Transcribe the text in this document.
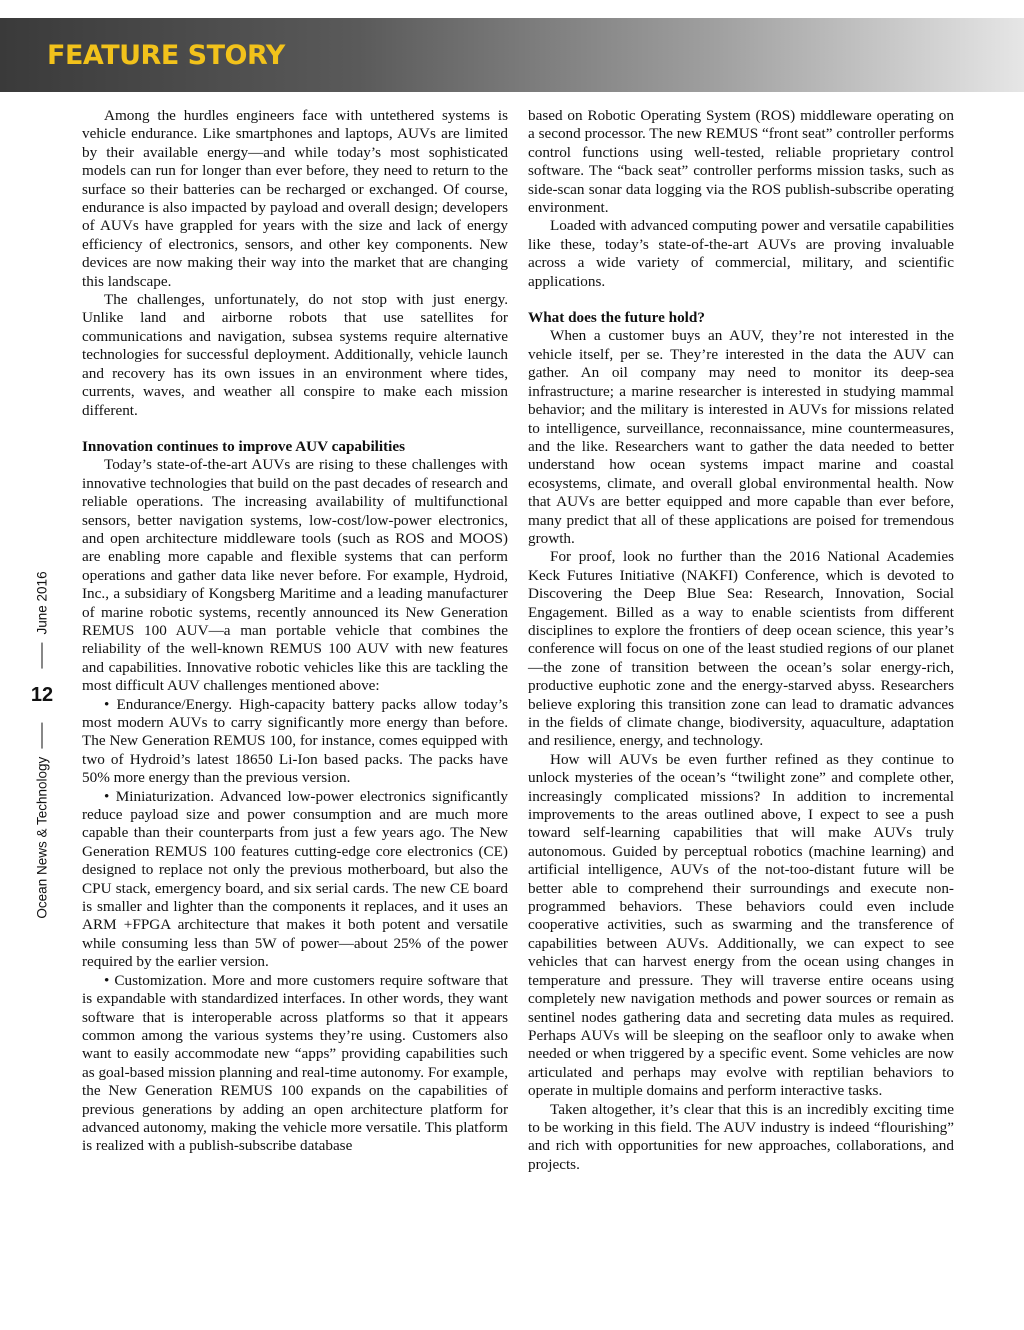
FEATURE STORY
Ocean News & Technology
12
June 2016

Among the hurdles engineers face with untethered systems is vehicle endurance. Like smartphones and laptops, AUVs are limited by their available energy—and while today’s most sophisticated models can run for longer than ever before, they need to return to the surface so their batteries can be recharged or exchanged. Of course, endurance is also impacted by payload and overall design; developers of AUVs have grappled for years with the size and lack of energy efficiency of electronics, sensors, and other key components. New devices are now making their way into the market that are changing this landscape.

The challenges, unfortunately, do not stop with just energy. Unlike land and airborne robots that use satellites for communications and navigation, subsea systems require alternative technologies for successful deployment. Additionally, vehicle launch and recovery has its own issues in an environment where tides, currents, waves, and weather all conspire to make each mission different.

Innovation continues to improve AUV capabilities

Today’s state-of-the-art AUVs are rising to these challenges with innovative technologies that build on the past decades of research and reliable operations. The increasing availability of multifunctional sensors, better navigation systems, low-cost/low-power electronics, and open architecture middleware tools (such as ROS and MOOS) are enabling more capable and flexible systems that can perform operations and gather data like never before. For example, Hydroid, Inc., a subsidiary of Kongsberg Maritime and a leading manufacturer of marine robotic systems, recently announced its New Generation REMUS 100 AUV—a man portable vehicle that combines the reliability of the well-known REMUS 100 AUV with new features and capabilities. Innovative robotic vehicles like this are tackling the most difficult AUV challenges mentioned above:

• Endurance/Energy. High-capacity battery packs allow today’s most modern AUVs to carry significantly more energy than before. The New Generation REMUS 100, for instance, comes equipped with two of Hydroid’s latest 18650 Li-Ion based packs. The packs have 50% more energy than the previous version.

• Miniaturization. Advanced low-power electronics significantly reduce payload size and power consumption and are much more capable than their counterparts from just a few years ago. The New Generation REMUS 100 features cutting-edge core electronics (CE) designed to replace not only the previous motherboard, but also the CPU stack, emergency board, and six serial cards. The new CE board is smaller and lighter than the components it replaces, and it uses an ARM +FPGA architecture that makes it both potent and versatile while consuming less than 5W of power—about 25% of the power required by the earlier version.

• Customization. More and more customers require software that is expandable with standardized interfaces. In other words, they want software that is interoperable across platforms so that it appears common among the various systems they’re using. Customers also want to easily accommodate new “apps” providing capabilities such as goal-based mission planning and real-time autonomy. For example, the New Generation REMUS 100 expands on the capabilities of previous generations by adding an open architecture platform for advanced autonomy, making the vehicle more versatile. This platform is realized with a publish-subscribe database

based on Robotic Operating System (ROS) middleware operating on a second processor. The new REMUS “front seat” controller performs control functions using well-tested, reliable proprietary control software. The “back seat” controller performs mission tasks, such as side-scan sonar data logging via the ROS publish-subscribe operating environment.

Loaded with advanced computing power and versatile capabilities like these, today’s state-of-the-art AUVs are proving invaluable across a wide variety of commercial, military, and scientific applications.

What does the future hold?

When a customer buys an AUV, they’re not interested in the vehicle itself, per se. They’re interested in the data the AUV can gather. An oil company may need to monitor its deep-sea infrastructure; a marine researcher is interested in studying mammal behavior; and the military is interested in AUVs for missions related to intelligence, surveillance, reconnaissance, mine countermeasures, and the like. Researchers want to gather the data needed to better understand how ocean systems impact marine and coastal ecosystems, climate, and overall global environmental health. Now that AUVs are better equipped and more capable than ever before, many predict that all of these applications are poised for tremendous growth.

For proof, look no further than the 2016 National Academies Keck Futures Initiative (NAKFI) Conference, which is devoted to Discovering the Deep Blue Sea: Research, Innovation, Social Engagement. Billed as a way to enable scientists from different disciplines to explore the frontiers of deep ocean science, this year’s conference will focus on one of the least studied regions of our planet—the zone of transition between the ocean’s solar energy-rich, productive euphotic zone and the energy-starved abyss. Researchers believe exploring this transition zone can lead to dramatic advances in the fields of climate change, biodiversity, aquaculture, adaptation and resilience, energy, and technology.

How will AUVs be even further refined as they continue to unlock mysteries of the ocean’s “twilight zone” and complete other, increasingly complicated missions? In addition to incremental improvements to the areas outlined above, I expect to see a push toward self-learning capabilities that will make AUVs truly autonomous. Guided by perceptual robotics (machine learning) and artificial intelligence, AUVs of the not-too-distant future will be better able to comprehend their surroundings and execute non-programmed behaviors. These behaviors could even include cooperative activities, such as swarming and the transference of capabilities between AUVs. Additionally, we can expect to see vehicles that can harvest energy from the ocean using changes in temperature and pressure. They will traverse entire oceans using completely new navigation methods and power sources or remain as sentinel nodes gathering data and secreting data mules as required. Perhaps AUVs will be sleeping on the seafloor only to awake when needed or when triggered by a specific event. Some vehicles are now articulated and perhaps may evolve with reptilian behaviors to operate in multiple domains and perform interactive tasks.

Taken altogether, it’s clear that this is an incredibly exciting time to be working in this field. The AUV industry is indeed “flourishing” and rich with opportunities for new approaches, collaborations, and projects.
